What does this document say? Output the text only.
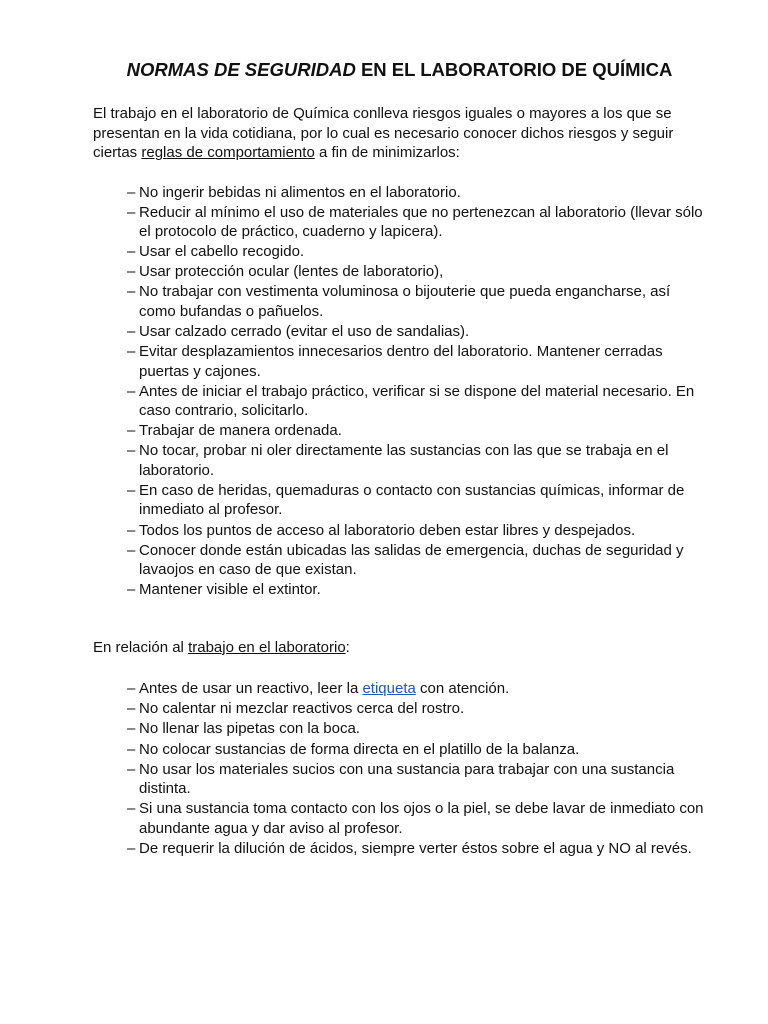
NORMAS DE SEGURIDAD EN EL LABORATORIO DE QUÍMICA

El trabajo en el laboratorio de Química conlleva riesgos iguales o mayores a los que se presentan en la vida cotidiana, por lo cual es necesario conocer dichos riesgos y seguir ciertas reglas de comportamiento a fin de minimizarlos:

– No ingerir bebidas ni alimentos en el laboratorio.
– Reducir al mínimo el uso de materiales que no pertenezcan al laboratorio (llevar sólo el protocolo de práctico, cuaderno y lapicera).
– Usar el cabello recogido.
– Usar protección ocular (lentes de laboratorio),
– No trabajar con vestimenta voluminosa o bijouterie que pueda engancharse, así como bufandas o pañuelos.
– Usar calzado cerrado (evitar el uso de sandalias).
– Evitar desplazamientos innecesarios dentro del laboratorio. Mantener cerradas puertas y cajones.
– Antes de iniciar el trabajo práctico, verificar si se dispone del material necesario. En caso contrario, solicitarlo.
– Trabajar de manera ordenada.
– No tocar, probar ni oler directamente las sustancias con las que se trabaja en el laboratorio.
– En caso de heridas, quemaduras o contacto con sustancias químicas, informar de inmediato al profesor.
– Todos los puntos de acceso al laboratorio deben estar libres y despejados.
– Conocer donde están ubicadas las salidas de emergencia, duchas de seguridad y lavaojos en caso de que existan.
– Mantener visible el extintor.

En relación al trabajo en el laboratorio:

– Antes de usar un reactivo, leer la etiqueta con atención.
– No calentar ni mezclar reactivos cerca del rostro.
– No llenar las pipetas con la boca.
– No colocar sustancias de forma directa en el platillo de la balanza.
– No usar los materiales sucios con una sustancia para trabajar con una sustancia distinta.
– Si una sustancia toma contacto con los ojos o la piel, se debe lavar de inmediato con abundante agua y dar aviso al profesor.
– De requerir la dilución de ácidos, siempre verter éstos sobre el agua y NO al revés.
